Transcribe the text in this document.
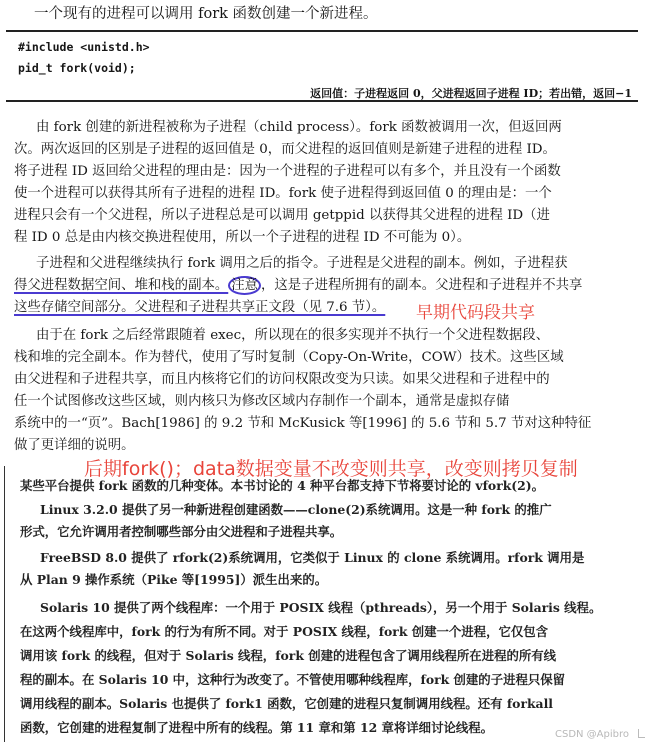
一个现有的进程可以调用 fork 函数创建一个新进程。
#include <unistd.h>
pid_t fork(void);
返回值：子进程返回 0，父进程返回子进程 ID；若出错，返回−1
由 fork 创建的新进程被称为子进程（child process）。fork 函数被调用一次，但返回两
次。两次返回的区别是子进程的返回值是 0，而父进程的返回值则是新建子进程的进程 ID。
将子进程 ID 返回给父进程的理由是：因为一个进程的子进程可以有多个，并且没有一个函数
使一个进程可以获得其所有子进程的进程 ID。fork 使子进程得到返回值 0 的理由是：一个
进程只会有一个父进程，所以子进程总是可以调用 getppid 以获得其父进程的进程 ID（进
程 ID 0 总是由内核交换进程使用，所以一个子进程的进程 ID 不可能为 0）。
子进程和父进程继续执行 fork 调用之后的指令。子进程是父进程的副本。例如，子进程获
得父进程数据空间、堆和栈的副本。 注意 ，这是子进程所拥有的副本。父进程和子进程并不共享
这些存储空间部分。父进程和子进程共享正文段（见 7.6 节）。	早期代码段共享
由于在 fork 之后经常跟随着 exec，所以现在的很多实现并不执行一个父进程数据段、
栈和堆的完全副本。作为替代，使用了写时复制（Copy-On-Write，COW）技术。这些区域
由父进程和子进程共享，而且内核将它们的访问权限改变为只读。如果父进程和子进程中的
任一个试图修改这些区域，则内核只为修改区域内存制作一个副本，通常是虚拟存储
系统中的一“页”。Bach[1986] 的 9.2 节和 McKusick 等[1996] 的 5.6 节和 5.7 节对这种特征
做了更详细的说明。
后期fork()；data数据变量不改变则共享，改变则拷贝复制
某些平台提供 fork 函数的几种变体。本书讨论的 4 种平台都支持下节将要讨论的 vfork(2)。
Linux 3.2.0 提供了另一种新进程创建函数——clone(2)系统调用。这是一种 fork 的推广
形式，它允许调用者控制哪些部分由父进程和子进程共享。
FreeBSD 8.0 提供了 rfork(2)系统调用，它类似于 Linux 的 clone 系统调用。rfork 调用是
从 Plan 9 操作系统（Pike 等[1995]）派生出来的。
Solaris 10 提供了两个线程库：一个用于 POSIX 线程（pthreads），另一个用于 Solaris 线程。
在这两个线程库中，fork 的行为有所不同。对于 POSIX 线程，fork 创建一个进程，它仅包含
调用该 fork 的线程，但对于 Solaris 线程，fork 创建的进程包含了调用线程所在进程的所有线
程的副本。在 Solaris 10 中，这种行为改变了。不管使用哪种线程库，fork 创建的子进程只保留
调用线程的副本。Solaris 也提供了 fork1 函数，它创建的进程只复制调用线程。还有 forkall
函数，它创建的进程复制了进程中所有的线程。第 11 章和第 12 章将详细讨论线程。	CSDN @Apibro
